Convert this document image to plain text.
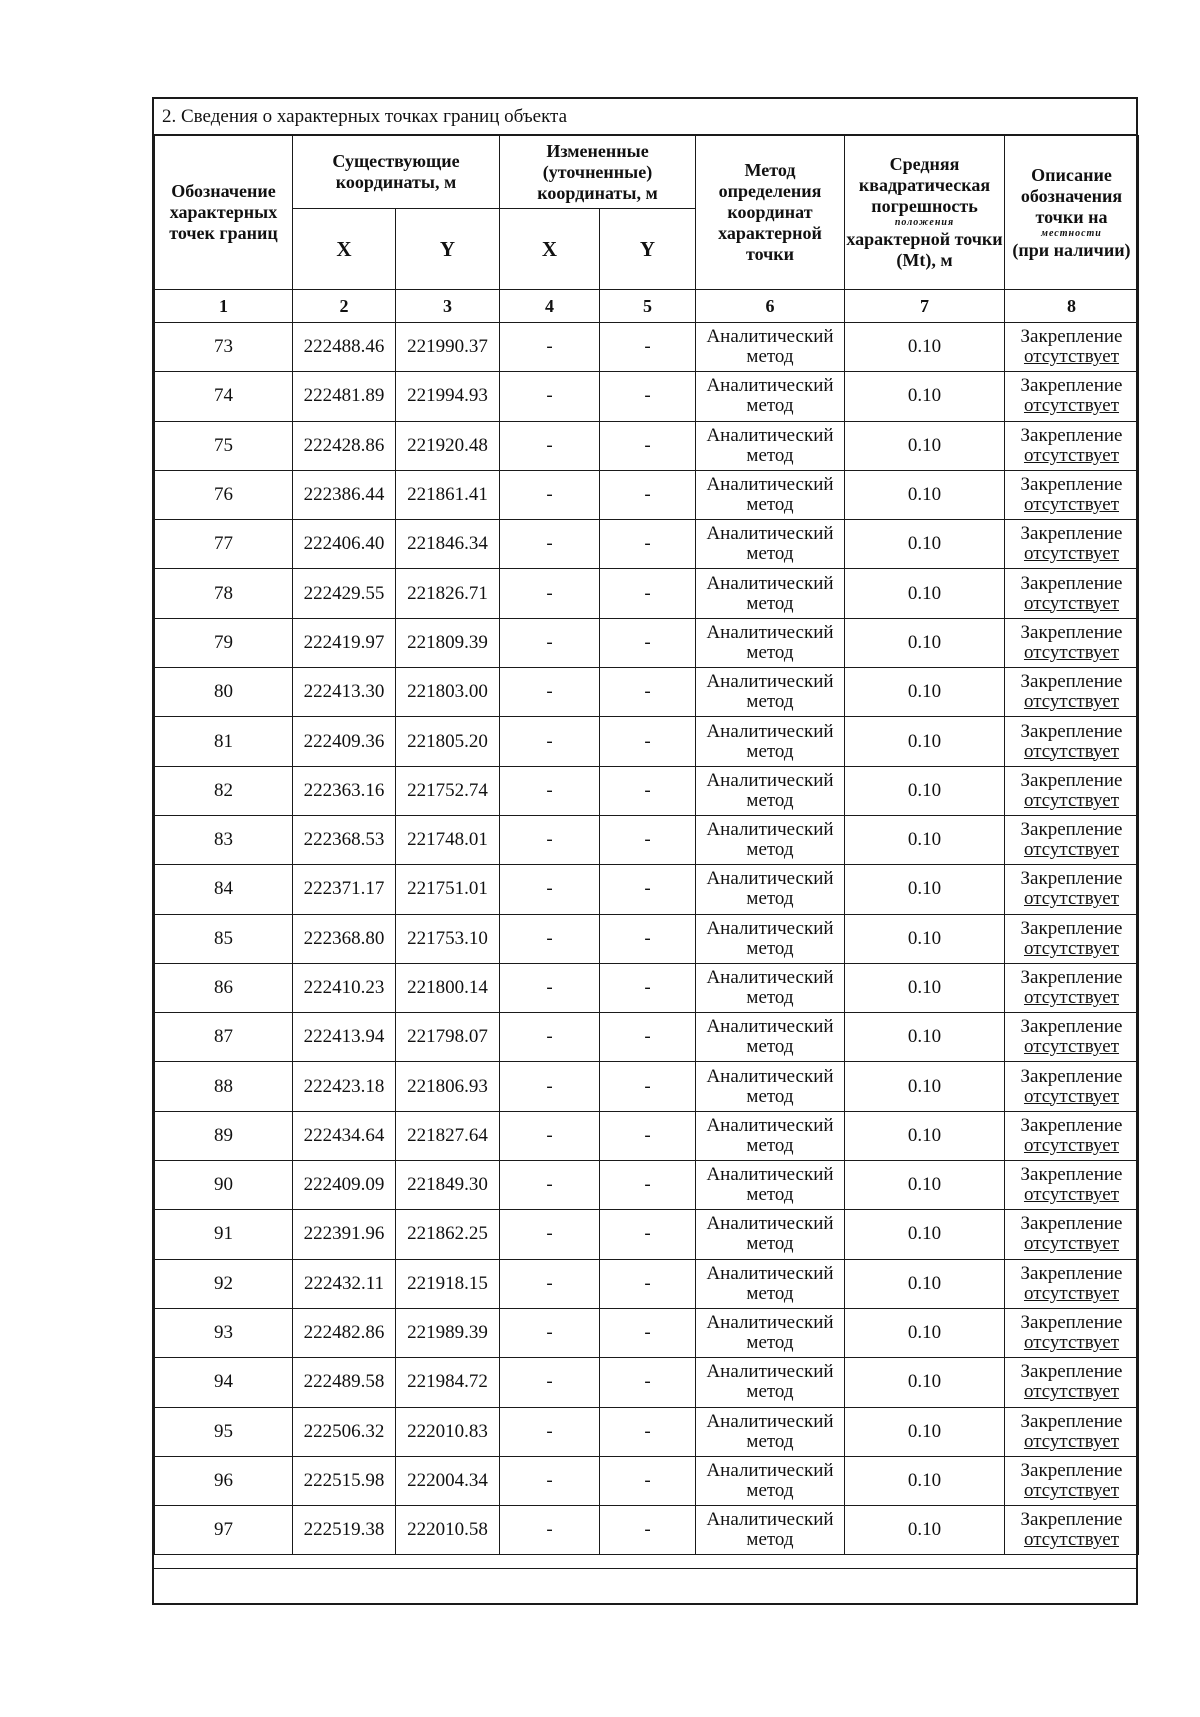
2. Сведения о характерных точках границ объекта
Обозначение характерных точек границ	Существующие координаты, м		Измененные (уточненные) координаты, м		Метод определения координат характерной точки	Средняя квадратическая погрешность
положения
характерной точки (Mt), м	Описание обозначения точки на
местности
(при наличии)
	X	Y	X	Y			
1	2	3	4	5	6	7	8
73	222488.46	221990.37	-	-	Аналитический
метод	0.10	Закрепление
отсутствует

74	222481.89	221994.93	-	-	Аналитический
метод	0.10	Закрепление
отсутствует

75	222428.86	221920.48	-	-	Аналитический
метод	0.10	Закрепление
отсутствует

76	222386.44	221861.41	-	-	Аналитический
метод	0.10	Закрепление
отсутствует

77	222406.40	221846.34	-	-	Аналитический
метод	0.10	Закрепление
отсутствует

78	222429.55	221826.71	-	-	Аналитический
метод	0.10	Закрепление
отсутствует

79	222419.97	221809.39	-	-	Аналитический
метод	0.10	Закрепление
отсутствует

80	222413.30	221803.00	-	-	Аналитический
метод	0.10	Закрепление
отсутствует

81	222409.36	221805.20	-	-	Аналитический
метод	0.10	Закрепление
отсутствует

82	222363.16	221752.74	-	-	Аналитический
метод	0.10	Закрепление
отсутствует

83	222368.53	221748.01	-	-	Аналитический
метод	0.10	Закрепление
отсутствует

84	222371.17	221751.01	-	-	Аналитический
метод	0.10	Закрепление
отсутствует

85	222368.80	221753.10	-	-	Аналитический
метод	0.10	Закрепление
отсутствует

86	222410.23	221800.14	-	-	Аналитический
метод	0.10	Закрепление
отсутствует

87	222413.94	221798.07	-	-	Аналитический
метод	0.10	Закрепление
отсутствует

88	222423.18	221806.93	-	-	Аналитический
метод	0.10	Закрепление
отсутствует

89	222434.64	221827.64	-	-	Аналитический
метод	0.10	Закрепление
отсутствует

90	222409.09	221849.30	-	-	Аналитический
метод	0.10	Закрепление
отсутствует

91	222391.96	221862.25	-	-	Аналитический
метод	0.10	Закрепление
отсутствует

92	222432.11	221918.15	-	-	Аналитический
метод	0.10	Закрепление
отсутствует

93	222482.86	221989.39	-	-	Аналитический
метод	0.10	Закрепление
отсутствует

94	222489.58	221984.72	-	-	Аналитический
метод	0.10	Закрепление
отсутствует

95	222506.32	222010.83	-	-	Аналитический
метод	0.10	Закрепление
отсутствует

96	222515.98	222004.34	-	-	Аналитический
метод	0.10	Закрепление
отсутствует

97	222519.38	222010.58	-	-	Аналитический
метод	0.10	Закрепление
отсутствует
